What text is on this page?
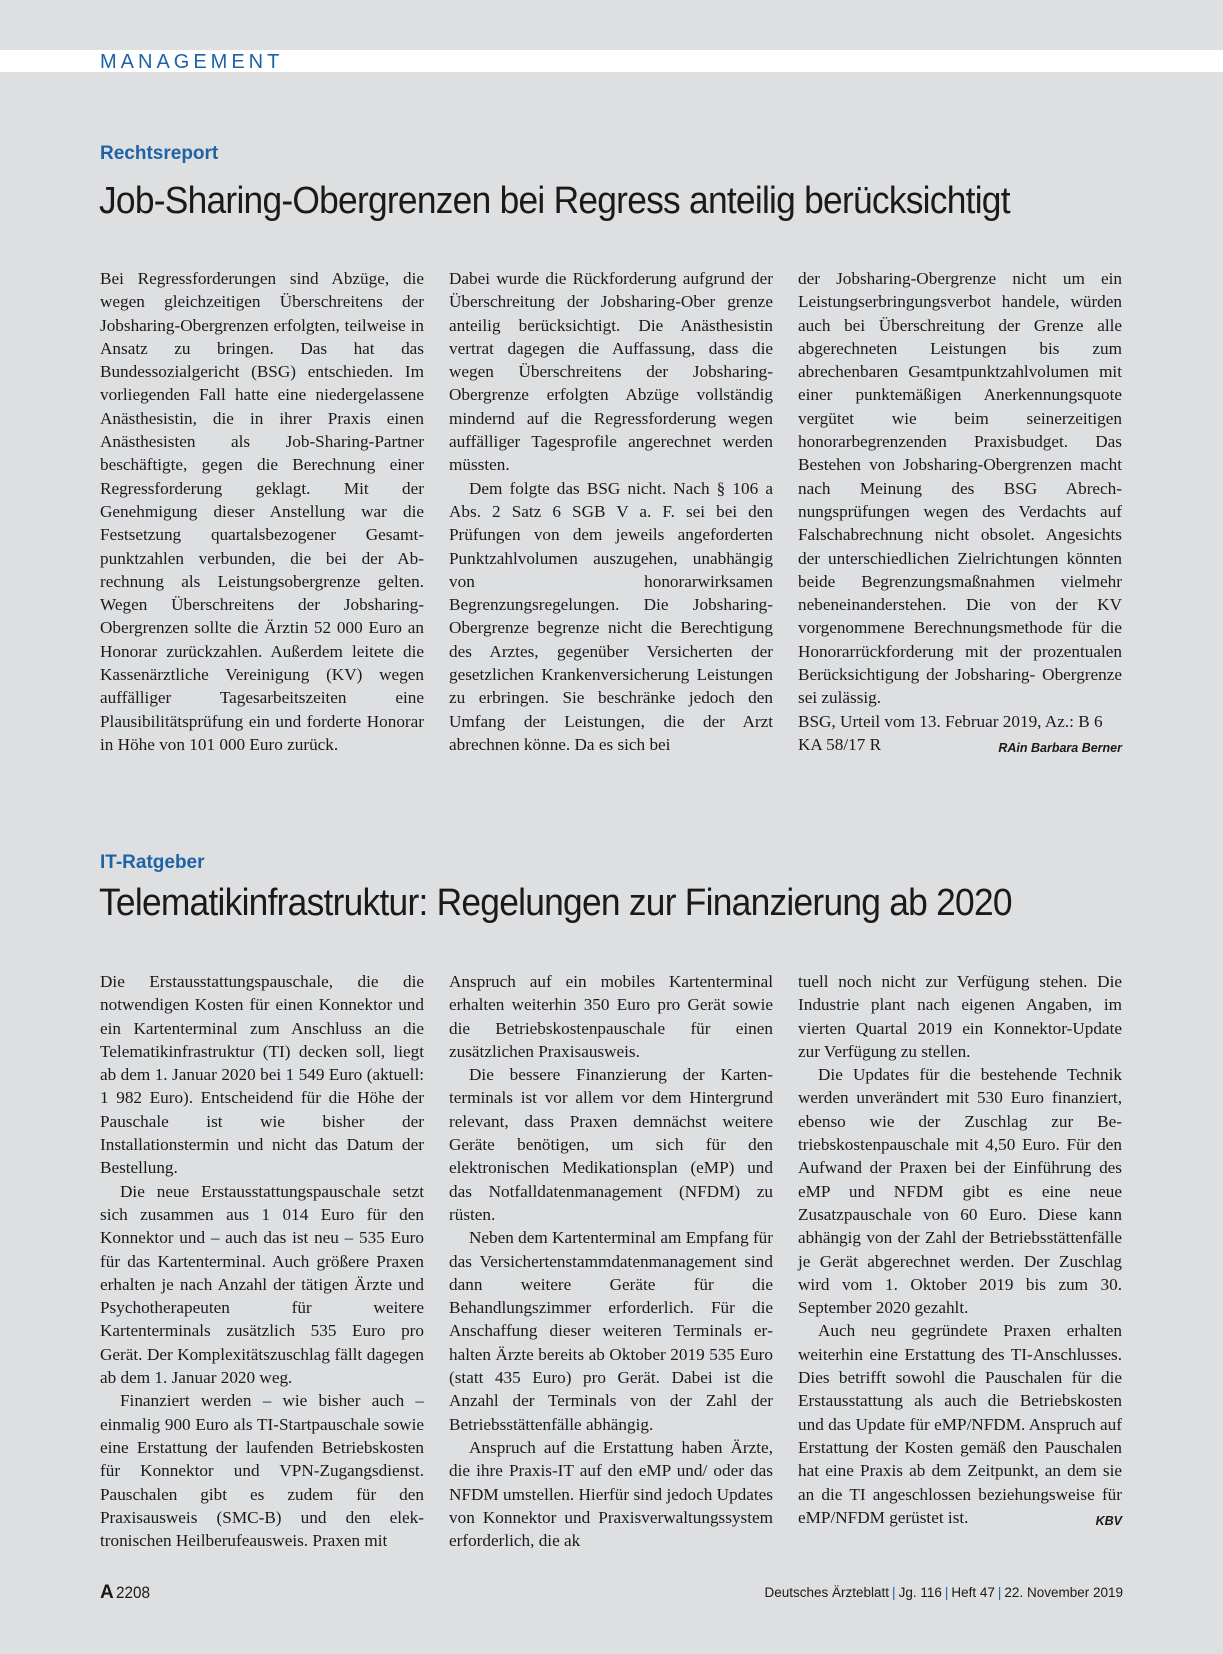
MANAGEMENT
Rechtsreport
Job-Sharing-Obergrenzen bei Regress anteilig berücksichtigt

Bei Regressforderungen sind Abzüge, die wegen gleichzeitigen Überschreitens der Jobsharing-Obergrenzen erfolgten, teilweise in Ansatz zu bringen. Das hat das Bundessozialgericht (BSG) entschieden. Im vorliegenden Fall hatte eine niedergelassene Anästhesistin, die in ihrer Praxis einen Anästhesisten als Job-Sharing-Partner beschäftigte, gegen die Berechnung einer Regressforderung geklagt. Mit der Genehmigung dieser Anstellung war die Festsetzung quartalsbezogener Gesamtpunktzahlen verbunden, die bei der Abrechnung als Leistungsobergrenze gelten. Wegen Überschreitens der Jobsharing-Obergrenzen sollte die Ärztin 52 000 Euro an Honorar zurückzahlen. Außerdem leitete die Kassenärztliche Vereinigung (KV) wegen auffälliger Tagesarbeitszeiten eine Plausibilitätsprüfung ein und forderte Honorar in Höhe von 101 000 Euro zurück.

Dabei wurde die Rückforderung aufgrund der Überschreitung der Jobsharing-Ober grenze anteilig berücksichtigt. Die Anästhesistin vertrat dagegen die Auffassung, dass die wegen Überschreitens der Jobsharing-Obergrenze erfolgten Abzüge vollständig mindernd auf die Regressforderung wegen auffälliger Tagesprofile angerechnet werden müssten.

Dem folgte das BSG nicht. Nach § 106 a Abs. 2 Satz 6 SGB V a. F. sei bei den Prüfungen von dem jeweils angeforderten Punktzahlvolumen auszugehen, unabhängig von honorarwirksamen Begrenzungsregelungen. Die Jobsharing-Obergrenze begrenze nicht die Berechtigung des Arztes, gegenüber Versicherten der gesetzlichen Krankenversicherung Leistungen zu erbringen. Sie beschränke jedoch den Umfang der Leistungen, die der Arzt abrechnen könne. Da es sich bei

der Jobsharing-Obergrenze nicht um ein Leistungserbringungsverbot handele, würden auch bei Überschreitung der Grenze alle abgerechneten Leistungen bis zum abrechenbaren Gesamtpunktzahlvolumen mit einer punktemäßigen Anerkennungsquote vergütet wie beim seinerzeitigen honorarbegrenzenden Praxisbudget. Das Bestehen von Jobsharing-Obergrenzen macht nach Meinung des BSG Abrechnungsprüfungen wegen des Verdachts auf Falschabrechnung nicht obsolet. Angesichts der unterschiedlichen Zielrichtungen könnten beide Begrenzungsmaßnahmen vielmehr nebeneinanderstehen. Die von der KV vorgenommene Berechnungsmethode für die Honorarrückforderung mit der prozentualen Berücksichtigung der Jobsharing- Obergrenze sei zulässig.

BSG, Urteil vom 13. Februar 2019, Az.: B 6 KA 58/17 R	RAin Barbara Berner

IT-Ratgeber
Telematikinfrastruktur: Regelungen zur Finanzierung ab 2020

Die Erstausstattungspauschale, die die notwendigen Kosten für einen Konnektor und ein Kartenterminal zum Anschluss an die Telematikinfrastruktur (TI) decken soll, liegt ab dem 1. Januar 2020 bei 1 549 Euro (aktuell: 1 982 Euro). Entscheidend für die Höhe der Pauschale ist wie bisher der Installationstermin und nicht das Datum der Bestellung.

Die neue Erstausstattungspauschale setzt sich zusammen aus 1 014 Euro für den Konnektor und – auch das ist neu – 535 Euro für das Kartenterminal. Auch größere Praxen erhalten je nach Anzahl der tätigen Ärzte und Psychotherapeuten für weitere Kartenterminals zusätzlich 535 Euro pro Gerät. Der Komplexitätszuschlag fällt dagegen ab dem 1. Januar 2020 weg.

Finanziert werden – wie bisher auch – einmalig 900 Euro als TI-Startpauschale sowie eine Erstattung der laufenden Betriebskosten für Konnektor und VPN-Zugangsdienst. Pauschalen gibt es zudem für den Praxisausweis (SMC-B) und den elektronischen Heilberufeausweis. Praxen mit

Anspruch auf ein mobiles Kartenterminal erhalten weiterhin 350 Euro pro Gerät sowie die Betriebskostenpauschale für einen zusätzlichen Praxisausweis.

Die bessere Finanzierung der Kartenterminals ist vor allem vor dem Hintergrund relevant, dass Praxen demnächst weitere Geräte benötigen, um sich für den elektronischen Medikationsplan (eMP) und das Notfalldatenmanagement (NFDM) zu rüsten.

Neben dem Kartenterminal am Empfang für das Versichertenstammdatenmanagement sind dann weitere Geräte für die Behandlungszimmer erforderlich. Für die Anschaffung dieser weiteren Terminals erhalten Ärzte bereits ab Oktober 2019 535 Euro (statt 435 Euro) pro Gerät. Dabei ist die Anzahl der Terminals von der Zahl der Betriebsstättenfälle abhängig.

Anspruch auf die Erstattung haben Ärzte, die ihre Praxis-IT auf den eMP und/ oder das NFDM umstellen. Hierfür sind jedoch Updates von Konnektor und Praxisverwaltungssystem erforderlich, die ak

tuell noch nicht zur Verfügung stehen. Die Industrie plant nach eigenen Angaben, im vierten Quartal 2019 ein Konnektor-Update zur Verfügung zu stellen.

Die Updates für die bestehende Technik werden unverändert mit 530 Euro finanziert, ebenso wie der Zuschlag zur Betriebskostenpauschale mit 4,50 Euro. Für den Aufwand der Praxen bei der Einführung des eMP und NFDM gibt es eine neue Zusatzpauschale von 60 Euro. Diese kann abhängig von der Zahl der Betriebsstättenfälle je Gerät abgerechnet werden. Der Zuschlag wird vom 1. Oktober 2019 bis zum 30. September 2020 gezahlt.

Auch neu gegründete Praxen erhalten weiterhin eine Erstattung des TI-Anschlusses. Dies betrifft sowohl die Pauschalen für die Erstausstattung als auch die Betriebskosten und das Update für eMP/NFDM. Anspruch auf Erstattung der Kosten gemäß den Pauschalen hat eine Praxis ab dem Zeitpunkt, an dem sie an die TI angeschlossen beziehungsweise für eMP/NFDM gerüstet ist.	KBV

A 2208	Deutsches Ärzteblatt | Jg. 116 | Heft 47 | 22. November 2019
